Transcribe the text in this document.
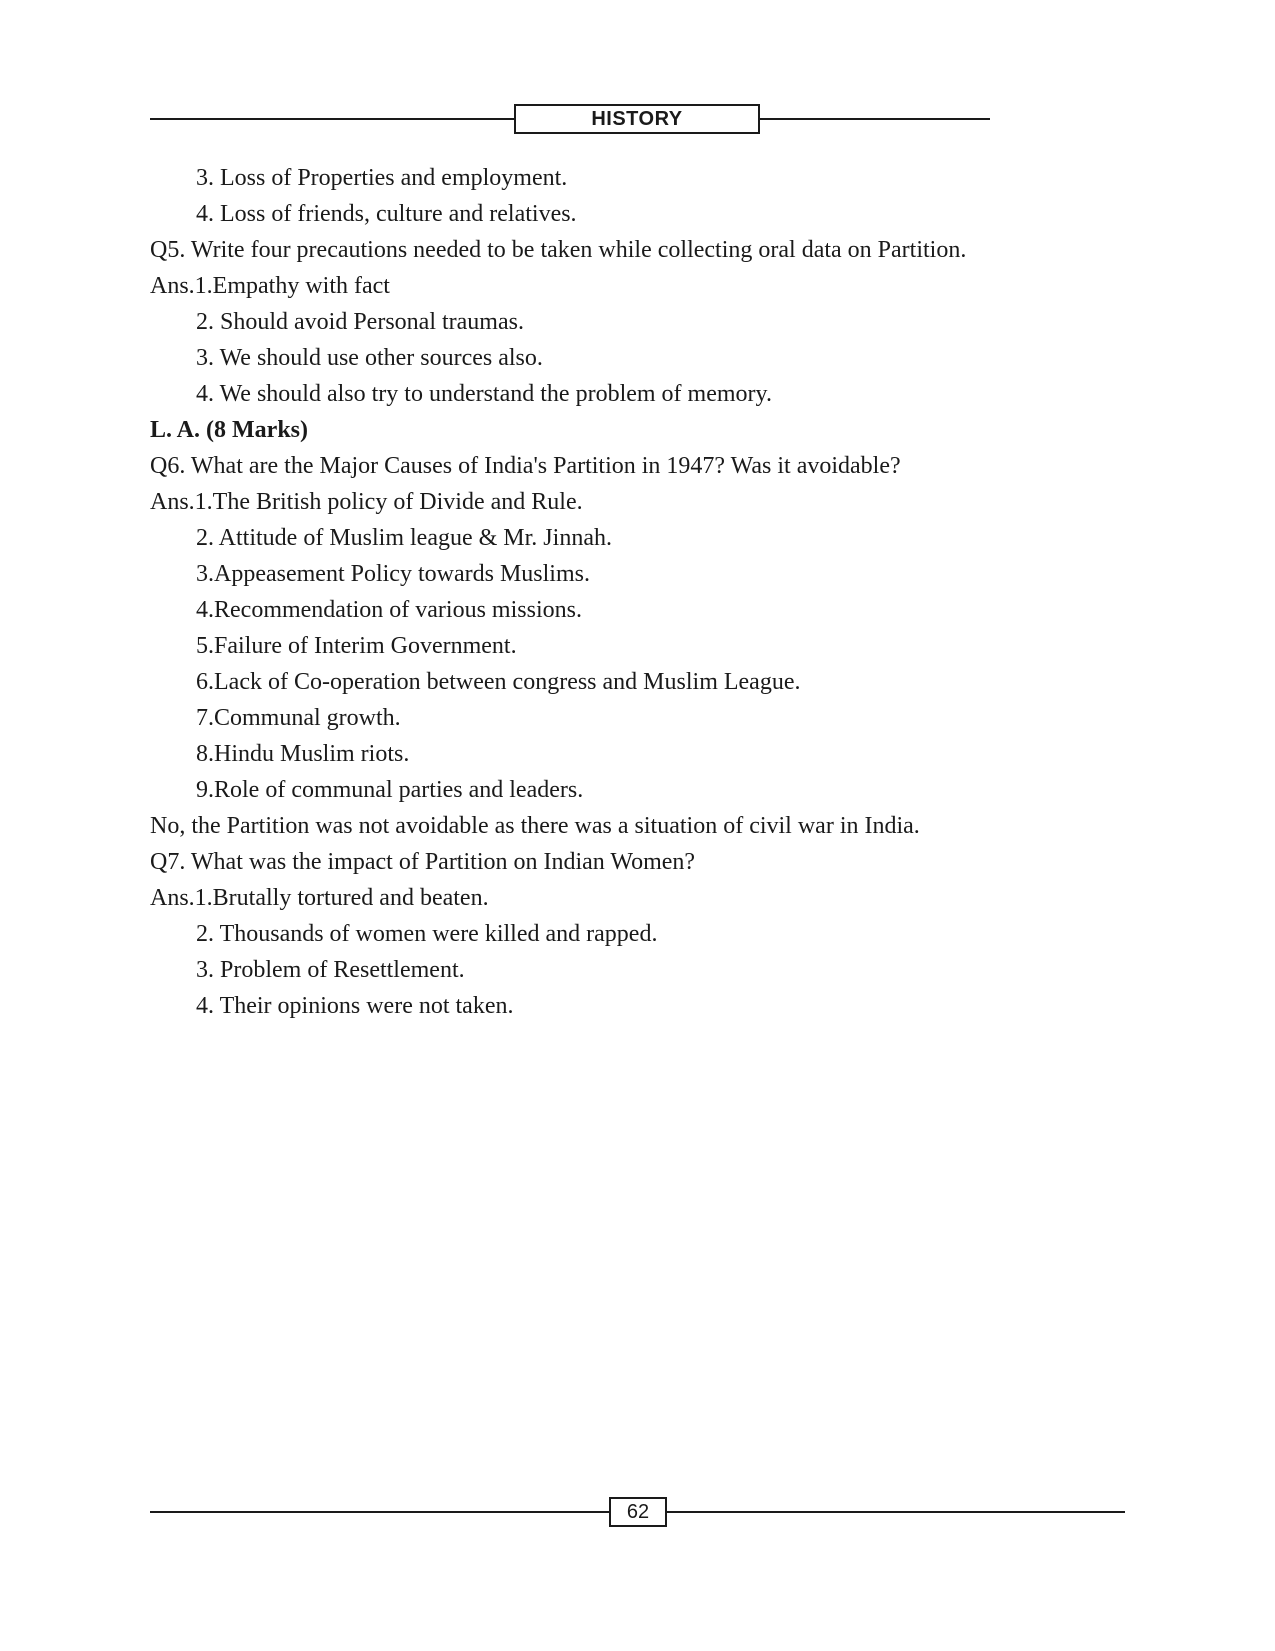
HISTORY
3. Loss of Properties and employment.
4. Loss of friends, culture and relatives.
Q5. Write four precautions needed to be taken while collecting oral data on Partition.
Ans.1.Empathy with fact
2. Should avoid Personal traumas.
3. We should use other sources also.
4. We should also try to understand the problem of memory.
L. A. (8 Marks)
Q6. What are the Major Causes of India's Partition in 1947? Was it avoidable?
Ans.1.The British policy of Divide and Rule.
2. Attitude of Muslim league & Mr. Jinnah.
3.Appeasement Policy towards Muslims.
4.Recommendation of various missions.
5.Failure of Interim Government.
6.Lack of Co-operation between congress and Muslim League.
7.Communal growth.
8.Hindu Muslim riots.
9.Role of communal parties and leaders.
No, the Partition was not avoidable as there was a situation of civil war in India.
Q7. What was the impact of Partition on Indian Women?
Ans.1.Brutally tortured and beaten.
2. Thousands of women were killed and rapped.
3. Problem of Resettlement.
4. Their opinions were not taken.
62
